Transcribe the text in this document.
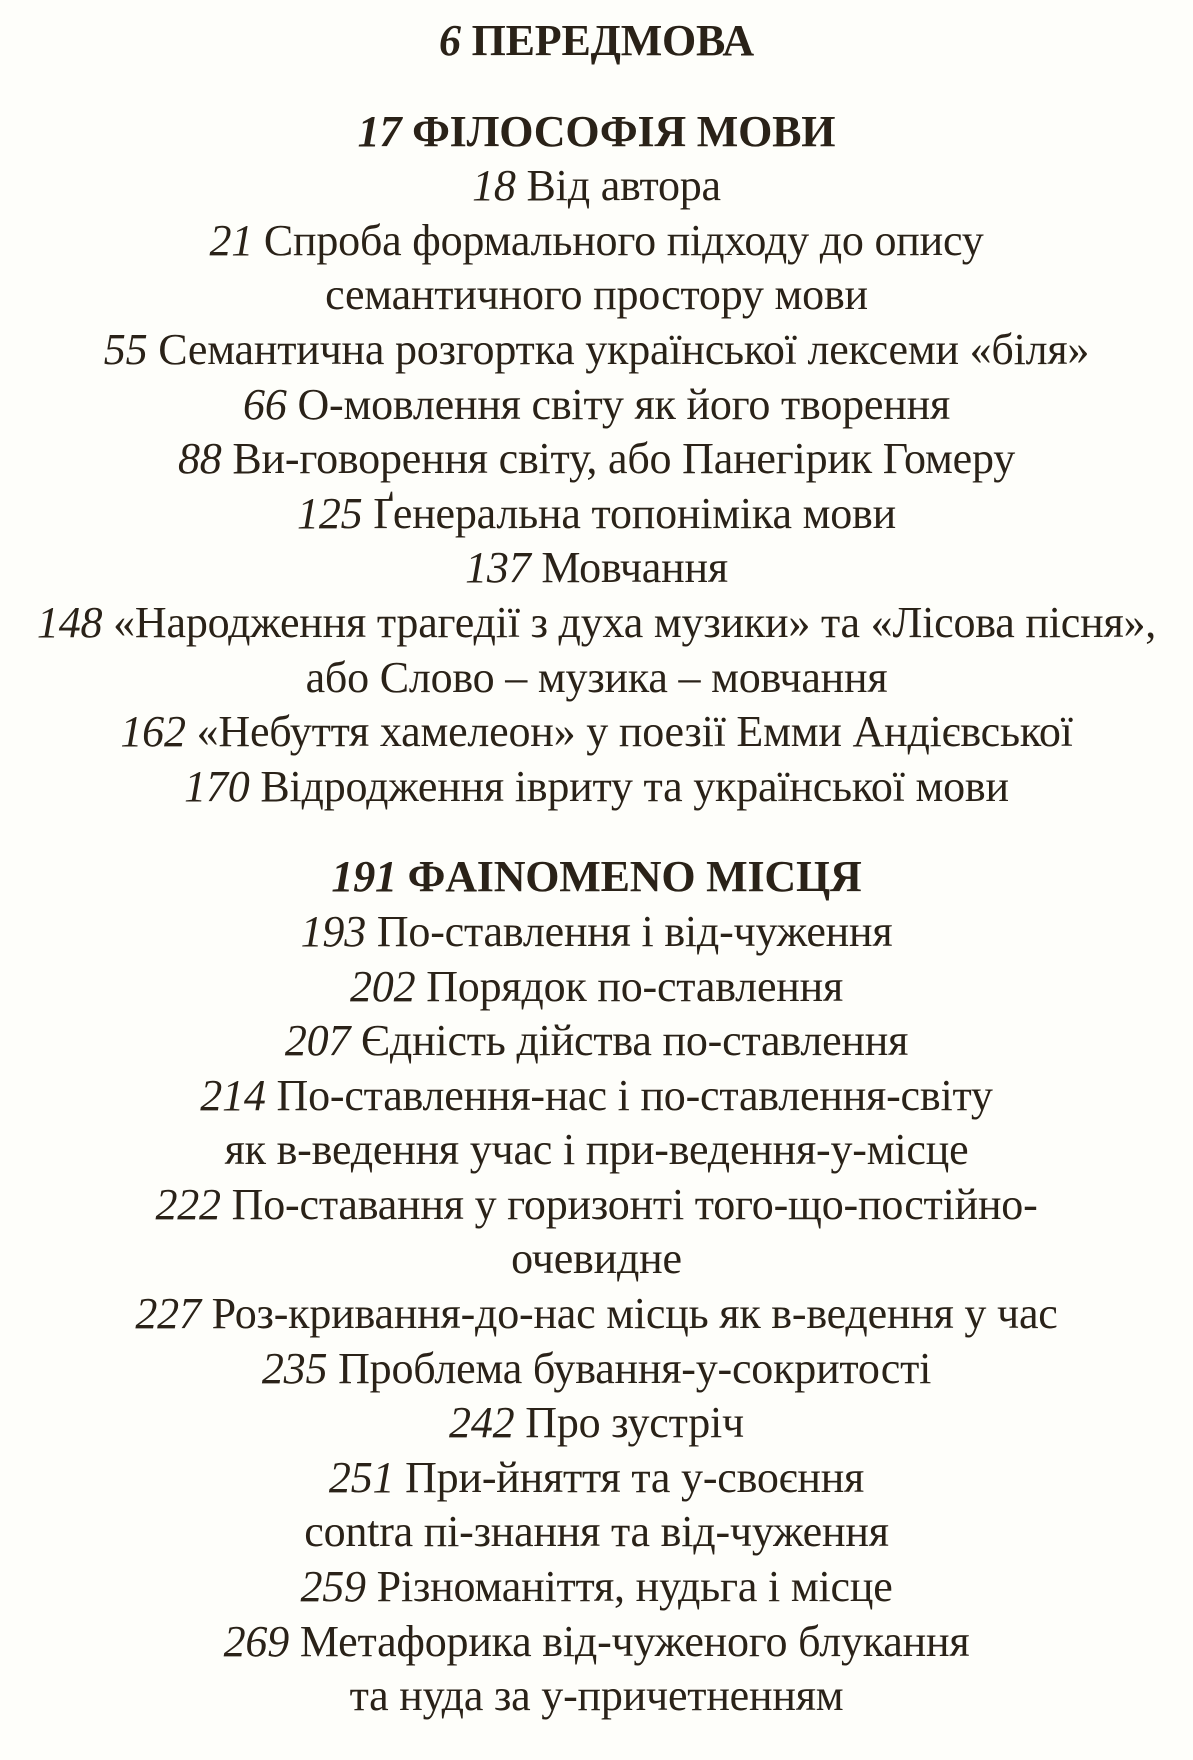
6 ПЕРЕДМОВА
17 ФІЛОСОФІЯ МОВИ
18 Від автора
21 Спроба формального підходу до опису
семантичного простору мови
55 Семантична розгортка української лексеми «біля»
66 О-мовлення світу як його творення
88 Ви-говорення світу, або Панегірик Гомеру
125 Ґенеральна топоніміка мови
137 Мовчання
148 «Народження трагедії з духа музики» та «Лісова пісня»,
або Слово – музика – мовчання
162 «Небуття хамелеон» у поезії Емми Андієвської
170 Відродження івриту та української мови
191 ФAINOMENO МІСЦЯ
193 По-ставлення і від-чуження
202 Порядок по-ставлення
207 Єдність дійства по-ставлення
214 По-ставлення-нас і по-ставлення-світу
як в-ведення учас і при-ведення-у-місце
222 По-ставання у горизонті того-що-постійно-
очевидне
227 Роз-кривання-до-нас місць як в-ведення у час
235 Проблема бування-у-сокритості
242 Про зустріч
251 При-йняття та у-своєння
contra пі-знання та від-чуження
259 Різноманіття, нудьга і місце
269 Метафорика від-чуженого блукання
та нуда за у-причетненням
